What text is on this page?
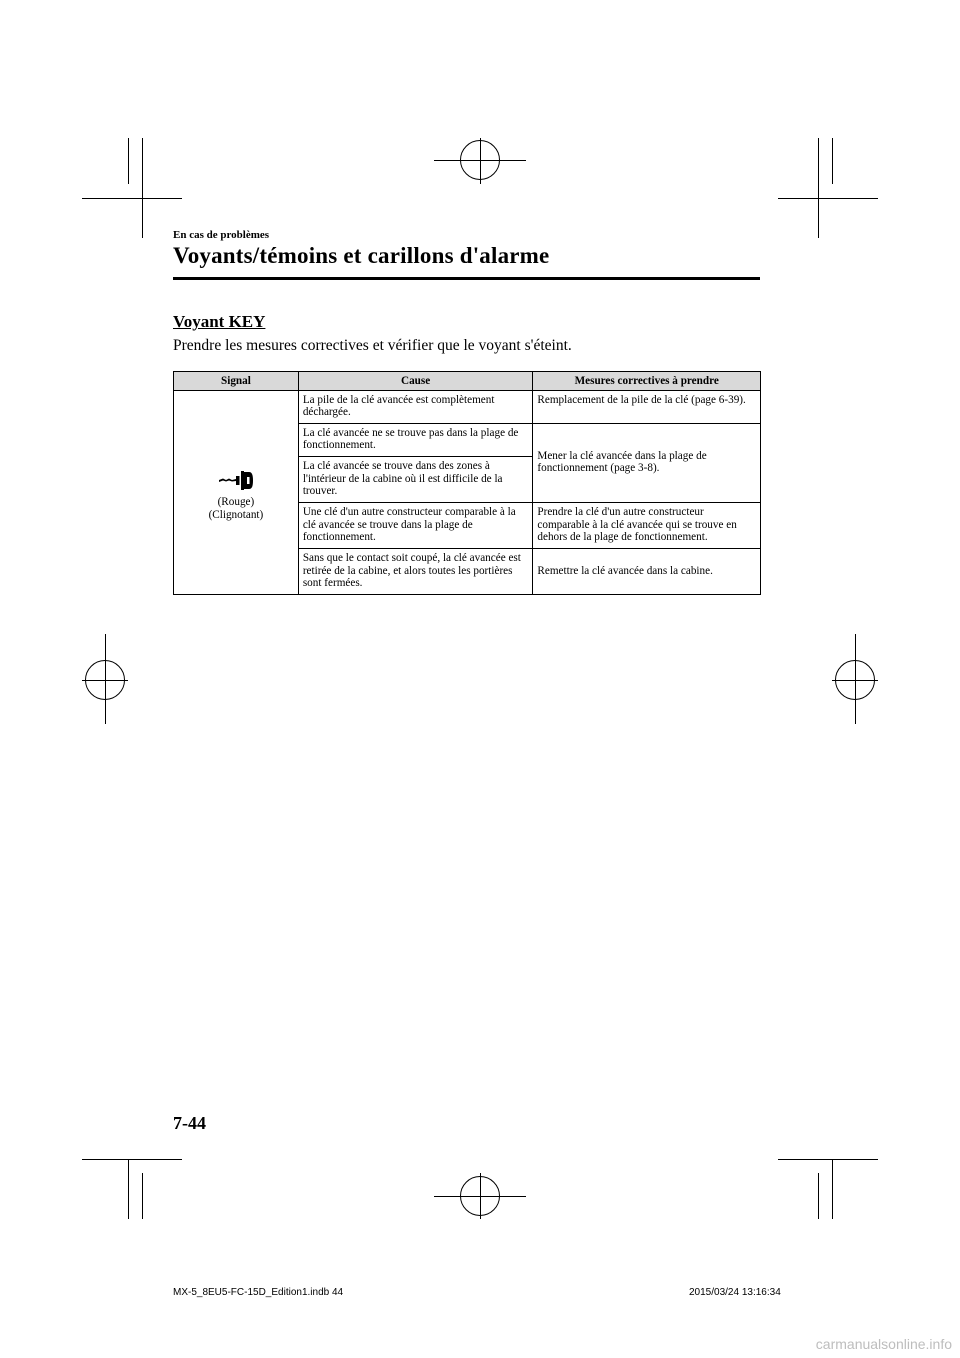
En cas de problèmes
Voyants/témoins et carillons d'alarme
Voyant KEY
Prendre les mesures correctives et vérifier que le voyant s'éteint.
Signal	Cause	Mesures correctives à prendre

(Rouge)
(Clignotant)	La pile de la clé avancée est complètement déchargée.	Remplacement de la pile de la clé (page 6-39).
	La clé avancée ne se trouve pas dans la plage de fonctionnement.	Mener la clé avancée dans la plage de fonctionnement (page 3-8).
	La clé avancée se trouve dans des zones à l'intérieur de la cabine où il est difficile de la trouver.	
	Une clé d'un autre constructeur comparable à la clé avancée se trouve dans la plage de fonctionnement.	Prendre la clé d'un autre constructeur comparable à la clé avancée qui se trouve en dehors de la plage de fonctionnement.
	Sans que le contact soit coupé, la clé avancée est retirée de la cabine, et alors toutes les portières sont fermées.	Remettre la clé avancée dans la cabine.
7-44
MX-5_8EU5-FC-15D_Edition1.indb 44	2015/03/24 13:16:34
carmanualsonline.info
